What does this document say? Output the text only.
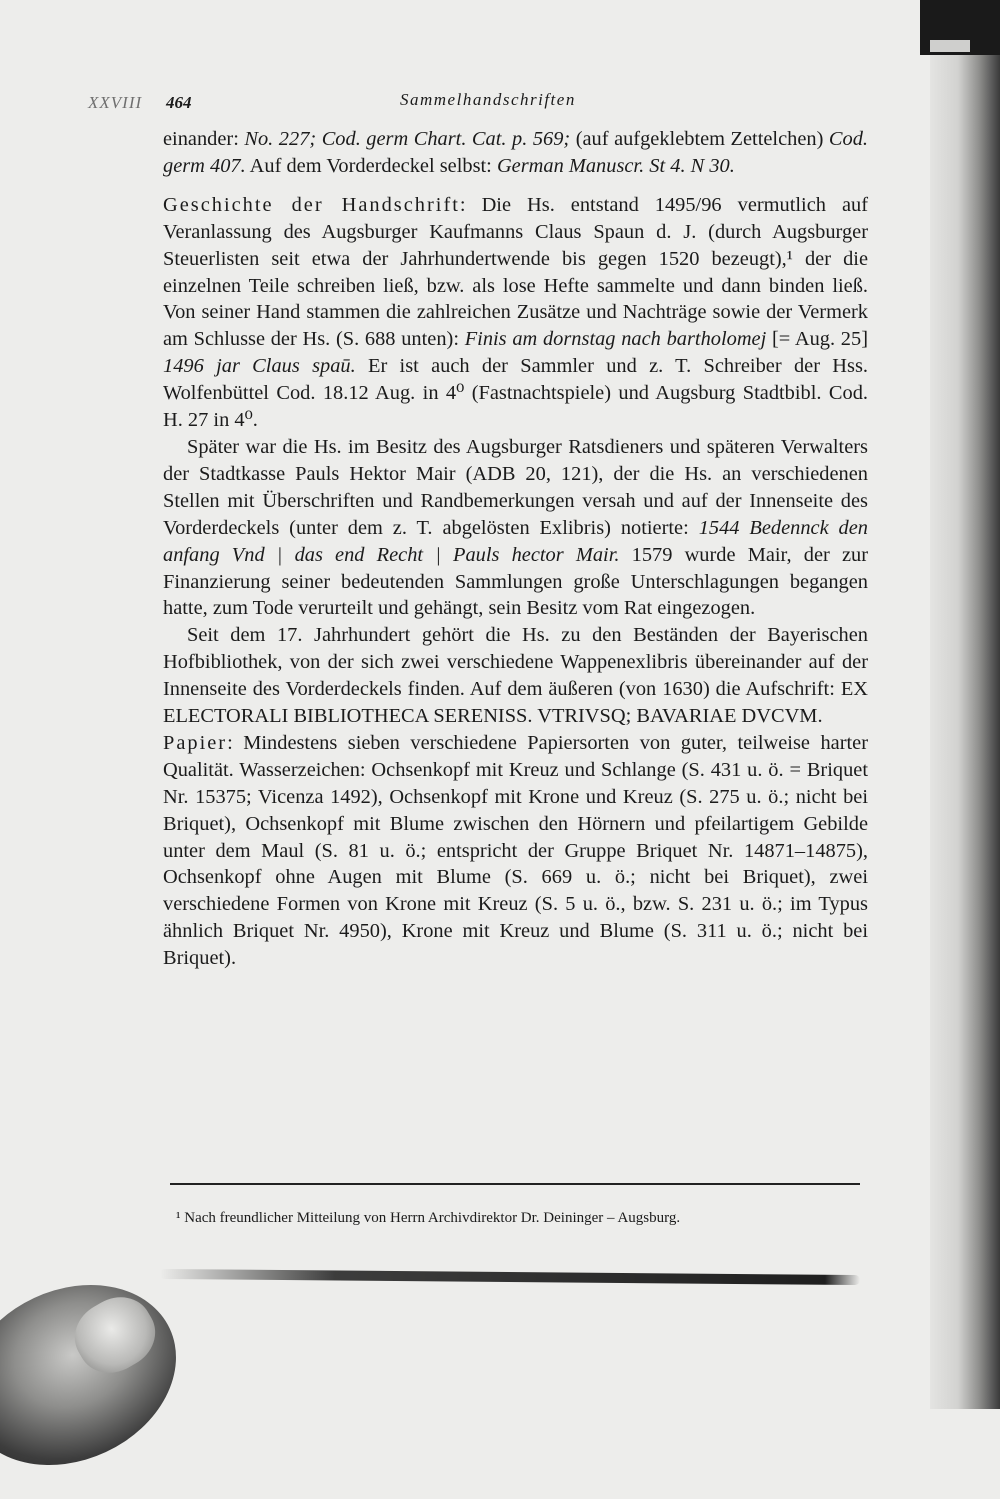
XXVIII 464	Sammelhandschriften

einander: No. 227; Cod. germ Chart. Cat. p. 569; (auf aufgeklebtem Zettelchen) Cod. germ 407. Auf dem Vorderdeckel selbst: German Manuscr. St 4. N 30.

Geschichte der Handschrift: Die Hs. entstand 1495/96 vermutlich auf Veranlassung des Augsburger Kaufmanns Claus Spaun d. J. (durch Augsburger Steuerlisten seit etwa der Jahrhundertwende bis gegen 1520 bezeugt),¹ der die einzelnen Teile schreiben ließ, bzw. als lose Hefte sammelte und dann binden ließ. Von seiner Hand stammen die zahlreichen Zusätze und Nachträge sowie der Vermerk am Schlusse der Hs. (S. 688 unten): Finis am dornstag nach bartholomej [= Aug. 25] 1496 jar Claus spaū. Er ist auch der Sammler und z. T. Schreiber der Hss. Wolfenbüttel Cod. 18.12 Aug. in 4⁰ (Fastnachtspiele) und Augsburg Stadtbibl. Cod. H. 27 in 4⁰.

Später war die Hs. im Besitz des Augsburger Ratsdieners und späteren Verwalters der Stadtkasse Pauls Hektor Mair (ADB 20, 121), der die Hs. an verschiedenen Stellen mit Überschriften und Randbemerkungen versah und auf der Innenseite des Vorderdeckels (unter dem z. T. abgelösten Exlibris) notierte: 1544 Bedennck den anfang Vnd | das end Recht | Pauls hector Mair. 1579 wurde Mair, der zur Finanzierung seiner bedeutenden Sammlungen große Unterschlagungen begangen hatte, zum Tode verurteilt und gehängt, sein Besitz vom Rat eingezogen.

Seit dem 17. Jahrhundert gehört die Hs. zu den Beständen der Bayerischen Hofbibliothek, von der sich zwei verschiedene Wappenexlibris übereinander auf der Innenseite des Vorderdeckels finden. Auf dem äußeren (von 1630) die Aufschrift: EX ELECTORALI BIBLIOTHECA SERENISS. VTRIVSQ; BAVARIAE DVCVM.

Papier: Mindestens sieben verschiedene Papiersorten von guter, teilweise harter Qualität. Wasserzeichen: Ochsenkopf mit Kreuz und Schlange (S. 431 u. ö. = Briquet Nr. 15375; Vicenza 1492), Ochsenkopf mit Krone und Kreuz (S. 275 u. ö.; nicht bei Briquet), Ochsenkopf mit Blume zwischen den Hörnern und pfeilartigem Gebilde unter dem Maul (S. 81 u. ö.; entspricht der Gruppe Briquet Nr. 14871–14875), Ochsenkopf ohne Augen mit Blume (S. 669 u. ö.; nicht bei Briquet), zwei verschiedene Formen von Krone mit Kreuz (S. 5 u. ö., bzw. S. 231 u. ö.; im Typus ähnlich Briquet Nr. 4950), Krone mit Kreuz und Blume (S. 311 u. ö.; nicht bei Briquet).

¹ Nach freundlicher Mitteilung von Herrn Archivdirektor Dr. Deininger – Augsburg.
